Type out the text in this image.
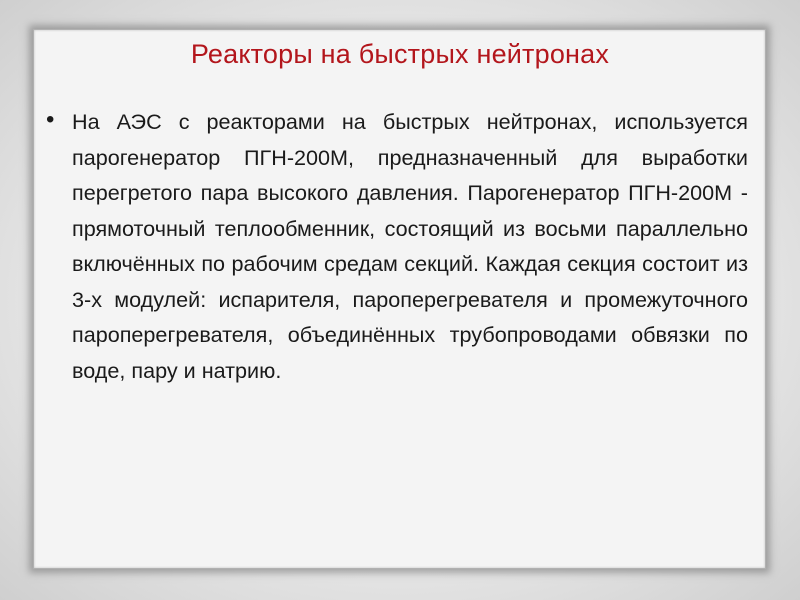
Реакторы на быстрых нейтронах
• На АЭС с реакторами на быстрых нейтронах, используется парогенератор ПГН-200М, предназначенный для выработки перегретого пара высокого давления. Парогенератор ПГН-200М - прямоточный теплообменник, состоящий из восьми параллельно включённых по рабочим средам секций. Каждая секция состоит из 3-х модулей: испарителя, пароперегревателя и промежуточного пароперегревателя, объединённых трубопроводами обвязки по воде, пару и натрию.
